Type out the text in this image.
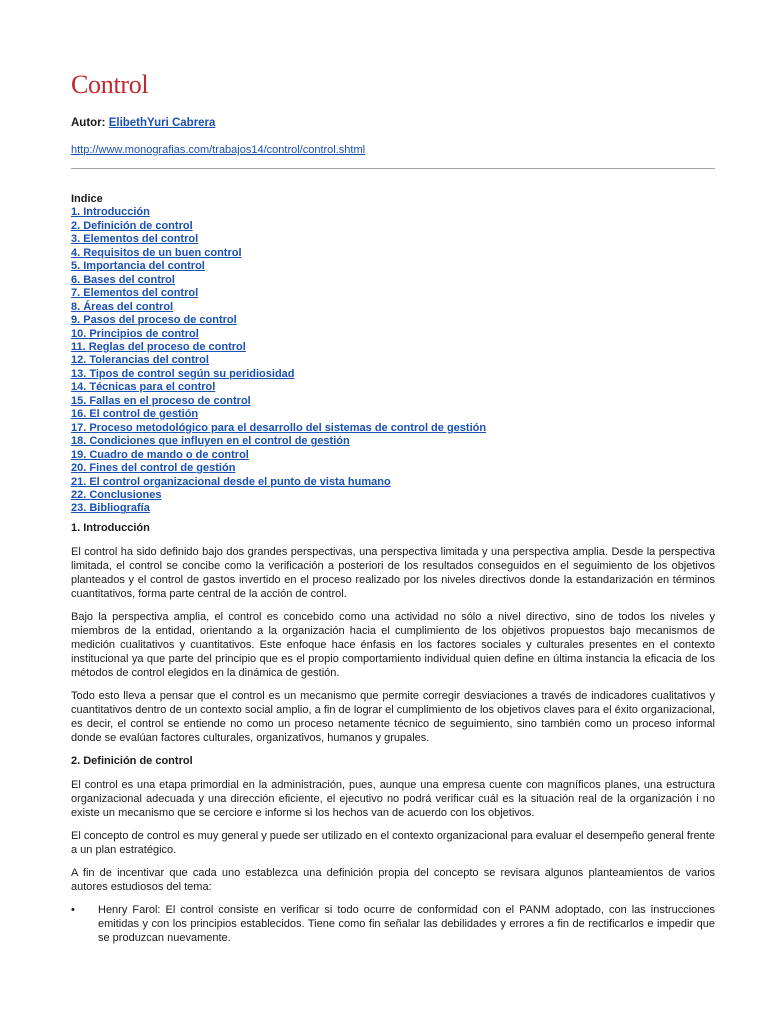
Control
Autor: ElibethYuri Cabrera
http://www.monografias.com/trabajos14/control/control.shtml
Indice
1. Introducción
2. Definición de control
3. Elementos del control
4. Requisitos de un buen control
5. Importancia del control
6. Bases del control
7. Elementos del control
8. Áreas del control
9. Pasos del proceso de control
10. Principios de control
11. Reglas del proceso de control
12. Tolerancias del control
13. Tipos de control según su peridiosidad
14. Técnicas para el control
15. Fallas en el proceso de control
16. El control de gestión
17. Proceso metodológico para el desarrollo del sistemas de control de gestión
18. Condiciones que influyen en el control de gestión
19. Cuadro de mando o de control
20. Fines del control de gestión
21. El control organizacional desde el punto de vista humano
22. Conclusiones
23. Bibliografía
1. Introducción

El control ha sido definido bajo dos grandes perspectivas, una perspectiva limitada y una perspectiva amplia. Desde la perspectiva limitada, el control se concibe como la verificación a posteriori de los resultados conseguidos en el seguimiento de los objetivos planteados y el control de gastos invertido en el proceso realizado por los niveles directivos donde la estandarización en términos cuantitativos, forma parte central de la acción de control.

Bajo la perspectiva amplia, el control es concebido como una actividad no sólo a nivel directivo, sino de todos los niveles y miembros de la entidad, orientando a la organización hacia el cumplimiento de los objetivos propuestos bajo mecanismos de medición cualitativos y cuantitativos. Este enfoque hace énfasis en los factores sociales y culturales presentes en el contexto institucional ya que parte del principio que es el propio comportamiento individual quien define en última instancia la eficacia de los métodos de control elegidos en la dinámica de gestión.

Todo esto lleva a pensar que el control es un mecanismo que permite corregir desviaciones a través de indicadores cualitativos y cuantitativos dentro de un contexto social amplio, a fin de lograr el cumplimiento de los objetivos claves para el éxito organizacional, es decir, el control se entiende no como un proceso netamente técnico de seguimiento, sino también como un proceso informal donde se evalúan factores culturales, organizativos, humanos y grupales.

2. Definición de control

El control es una etapa primordial en la administración, pues, aunque una empresa cuente con magníficos planes, una estructura organizacional adecuada y una dirección eficiente, el ejecutivo no podrá verificar cuál es la situación real de la organización i no existe un mecanismo que se cerciore e informe si los hechos van de acuerdo con los objetivos.

El concepto de control es muy general y puede ser utilizado en el contexto organizacional para evaluar el desempeño general frente a un plan estratégico.

A fin de incentivar que cada uno establezca una definición propia del concepto se revisara algunos planteamientos de varios autores estudiosos del tema:

• Henry Farol: El control consiste en verificar si todo ocurre de conformidad con el PANM adoptado, con las instrucciones emitidas y con los principios establecidos. Tiene como fin señalar las debilidades y errores a fin de rectificarlos e impedir que se produzcan nuevamente.
